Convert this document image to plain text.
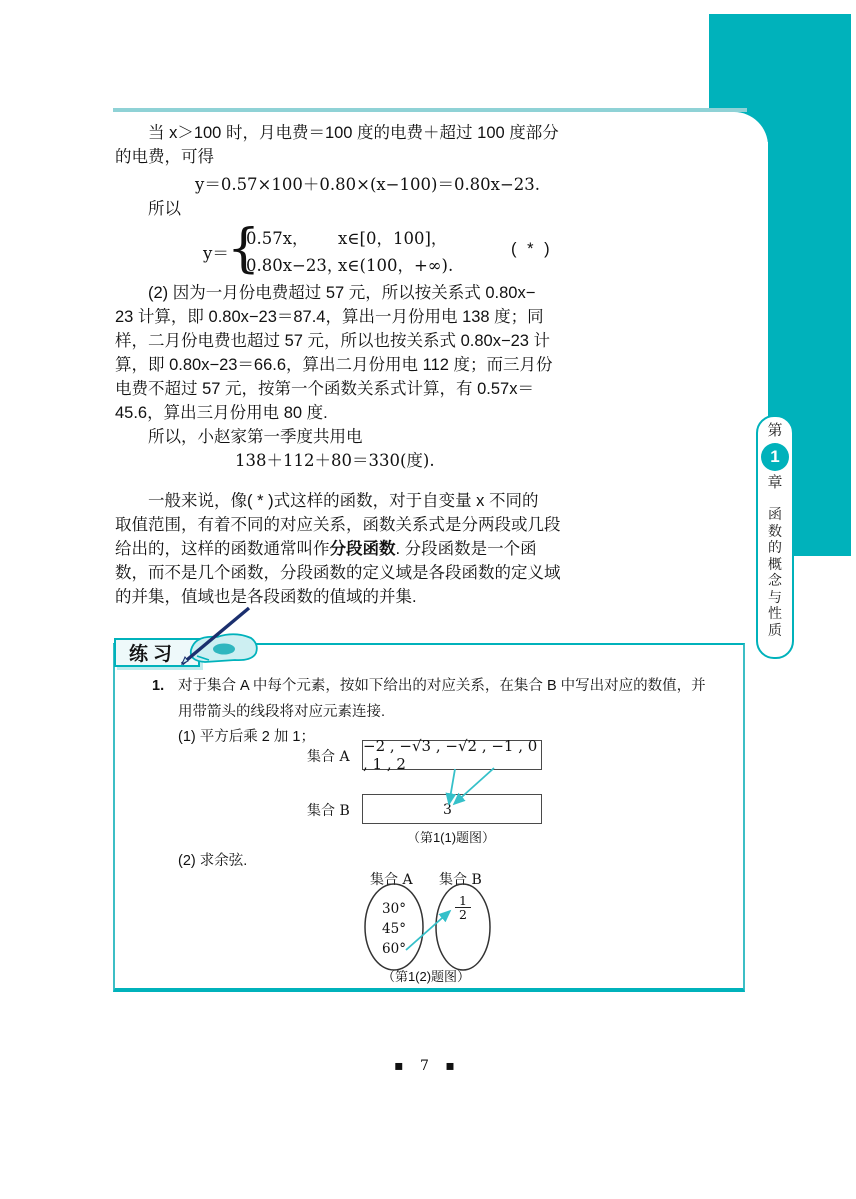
第
1
章
函数的概念与性质
当 x＞100 时，月电费＝100 度的电费＋超过 100 度部分
的电费，可得
y＝0.57×100＋0.80×(x−100)＝0.80x−23.
所以
y＝
{
0.57x，	x∈[0，100]，
0.80x−23，
x∈(100，+∞).
( * )
(2) 因为一月份电费超过 57 元，所以按关系式 0.80x−
23 计算，即 0.80x−23＝87.4，算出一月份用电 138 度；同
样，二月份电费也超过 57 元，所以也按关系式 0.80x−23 计
算，即 0.80x−23＝66.6，算出二月份用电 112 度；而三月份
电费不超过 57 元，按第一个函数关系式计算，有 0.57x＝
45.6，算出三月份用电 80 度.
所以，小赵家第一季度共用电
138＋112＋80＝330(度).
一般来说，像( * )式这样的函数，对于自变量 x 不同的
取值范围，有着不同的对应关系，函数关系式是分两段或几段
给出的，这样的函数通常叫作分段函数. 分段函数是一个函
数，而不是几个函数，分段函数的定义域是各段函数的定义域
的并集，值域也是各段函数的值域的并集.
练习
1. 对于集合 A 中每个元素，按如下给出的对应关系，在集合 B 中写出对应的数值，并
用带箭头的线段将对应元素连接.
(1) 平方后乘 2 加 1；
集合 A
−2 , −√3 , −√2 , −1 , 0 , 1 , 2
集合 B	3
（第1(1)题图）
(2) 求余弦.
集合 A 集合 B
30°
45°
60°
$\frac{1}{2}$
（第1(2)题图）
▪ 7 ▪
